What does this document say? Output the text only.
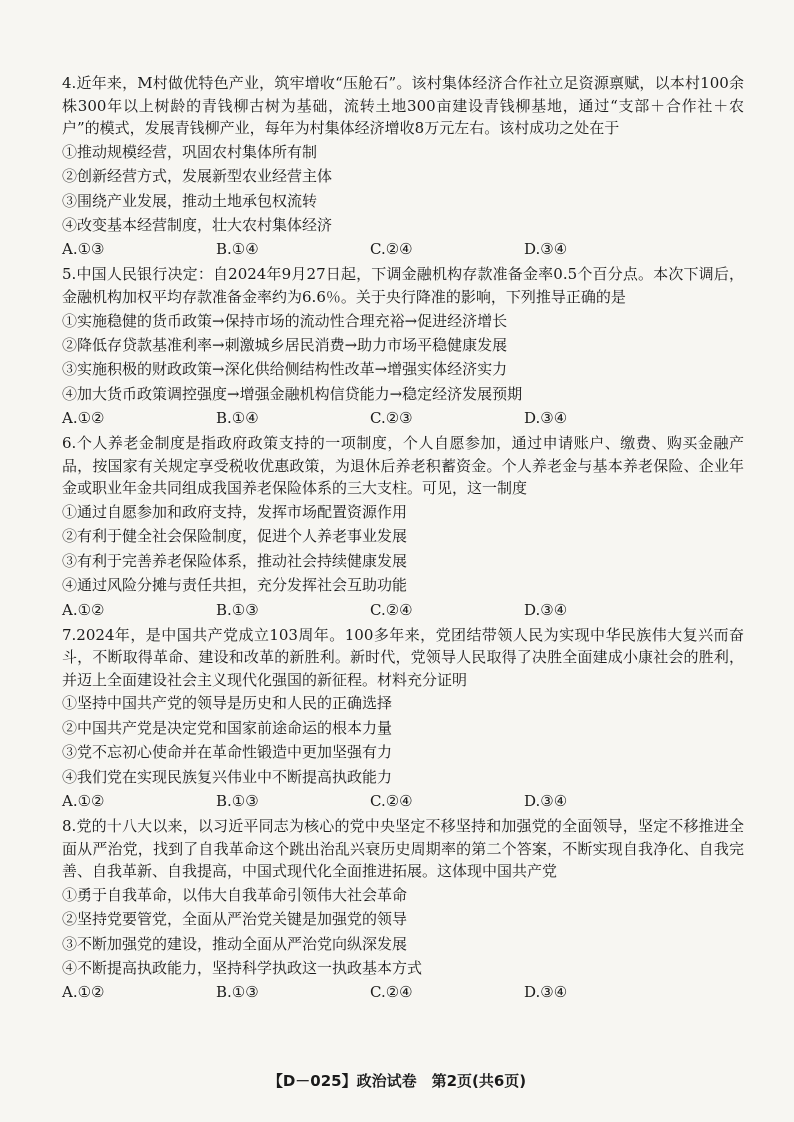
4.近年来，M村做优特色产业，筑牢增收“压舱石”。该村集体经济合作社立足资源禀赋，以本村100余株300年以上树龄的青钱柳古树为基础，流转土地300亩建设青钱柳基地，通过“支部＋合作社＋农户”的模式，发展青钱柳产业，每年为村集体经济增收8万元左右。该村成功之处在于

①推动规模经营，巩固农村集体所有制

②创新经营方式，发展新型农业经营主体

③围绕产业发展，推动土地承包权流转

④改变基本经营制度，壮大农村集体经济

A.①③	B.①④	C.②④	D.③④

5.中国人民银行决定：自2024年9月27日起，下调金融机构存款准备金率0.5个百分点。本次下调后，金融机构加权平均存款准备金率约为6.6％。关于央行降准的影响，下列推导正确的是

①实施稳健的货币政策→保持市场的流动性合理充裕→促进经济增长

②降低存贷款基准利率→刺激城乡居民消费→助力市场平稳健康发展

③实施积极的财政政策→深化供给侧结构性改革→增强实体经济实力

④加大货币政策调控强度→增强金融机构信贷能力→稳定经济发展预期

A.①②	B.①④	C.②③	D.③④

6.个人养老金制度是指政府政策支持的一项制度，个人自愿参加，通过申请账户、缴费、购买金融产品，按国家有关规定享受税收优惠政策，为退休后养老积蓄资金。个人养老金与基本养老保险、企业年金或职业年金共同组成我国养老保险体系的三大支柱。可见，这一制度

①通过自愿参加和政府支持，发挥市场配置资源作用

②有利于健全社会保险制度，促进个人养老事业发展

③有利于完善养老保险体系，推动社会持续健康发展

④通过风险分摊与责任共担，充分发挥社会互助功能

A.①②	B.①③	C.②④	D.③④

7.2024年，是中国共产党成立103周年。100多年来，党团结带领人民为实现中华民族伟大复兴而奋斗，不断取得革命、建设和改革的新胜利。新时代，党领导人民取得了决胜全面建成小康社会的胜利，并迈上全面建设社会主义现代化强国的新征程。材料充分证明

①坚持中国共产党的领导是历史和人民的正确选择

②中国共产党是决定党和国家前途命运的根本力量

③党不忘初心使命并在革命性锻造中更加坚强有力

④我们党在实现民族复兴伟业中不断提高执政能力

A.①②	B.①③	C.②④	D.③④

8.党的十八大以来，以习近平同志为核心的党中央坚定不移坚持和加强党的全面领导，坚定不移推进全面从严治党，找到了自我革命这个跳出治乱兴衰历史周期率的第二个答案，不断实现自我净化、自我完善、自我革新、自我提高，中国式现代化全面推进拓展。这体现中国共产党

①勇于自我革命，以伟大自我革命引领伟大社会革命

②坚持党要管党，全面从严治党关键是加强党的领导

③不断加强党的建设，推动全面从严治党向纵深发展

④不断提高执政能力，坚持科学执政这一执政基本方式

A.①②	B.①③	C.②④	D.③④
【D－025】政治试卷　第2页(共6页)
